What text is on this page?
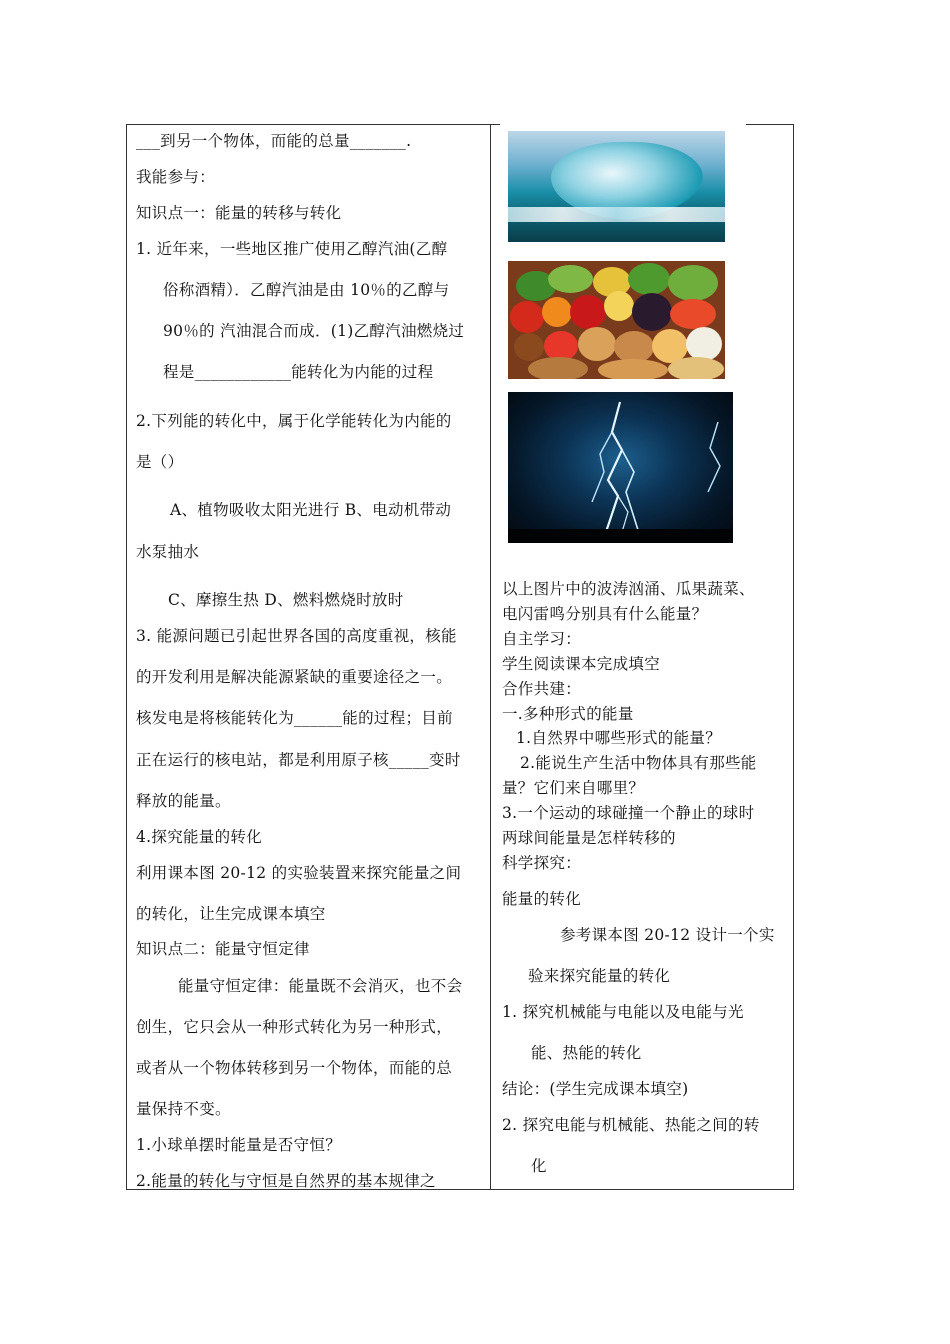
___到另一个物体，而能的总量_______.
我能参与：
知识点一：能量的转移与转化
1. 近年来，一些地区推广使用乙醇汽油(乙醇
俗称酒精）．乙醇汽油是由 10％的乙醇与
90％的 汽油混合而成．(1)乙醇汽油燃烧过
程是____________能转化为内能的过程
2.下列能的转化中，属于化学能转化为内能的
是（）
A、植物吸收太阳光进行 B、电动机带动
水泵抽水
C、摩擦生热 D、燃料燃烧时放时
3. 能源问题已引起世界各国的高度重视，核能
的开发利用是解决能源紧缺的重要途径之一。
核发电是将核能转化为______能的过程；目前
正在运行的核电站，都是利用原子核_____变时
释放的能量。
4.探究能量的转化
利用课本图 20-12 的实验装置来探究能量之间
的转化，让生完成课本填空
知识点二：能量守恒定律
能量守恒定律：能量既不会消灭，也不会
创生，它只会从一种形式转化为另一种形式，
或者从一个物体转移到另一个物体，而能的总
量保持不变。
1.小球单摆时能量是否守恒？
2.能量的转化与守恒是自然界的基本规律之
以上图片中的波涛汹涌、瓜果蔬菜、
电闪雷鸣分别具有什么能量？
自主学习：
学生阅读课本完成填空
合作共建：
一.多种形式的能量
1.自然界中哪些形式的能量？
2.能说生产生活中物体具有那些能
量？它们来自哪里？
3.一个运动的球碰撞一个静止的球时
两球间能量是怎样转移的
科学探究：
能量的转化
参考课本图 20-12 设计一个实
验来探究能量的转化
1. 探究机械能与电能以及电能与光
能、热能的转化
结论：(学生完成课本填空)
2. 探究电能与机械能、热能之间的转
化
